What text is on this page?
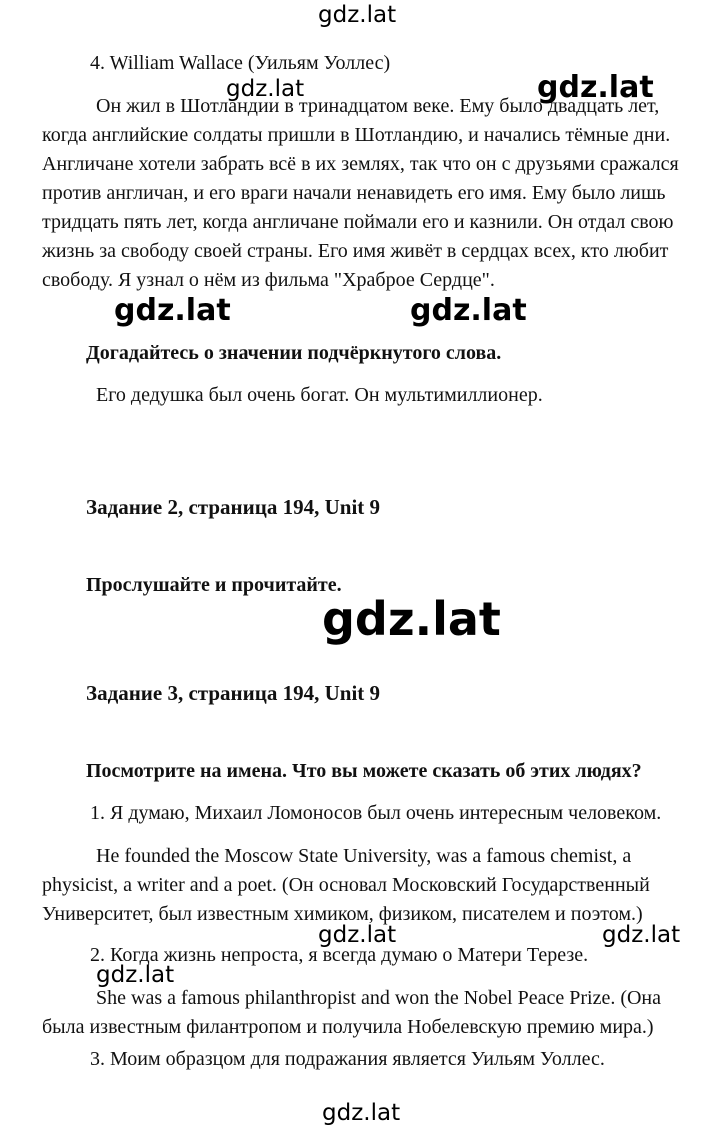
4. William Wallace (Уильям Уоллес)
Он жил в Шотландии в тринадцатом веке. Ему было двадцать лет, когда английские солдаты пришли в Шотландию, и начались тёмные дни. Англичане хотели забрать всё в их землях, так что он с друзьями сражался против англичан, и его враги начали ненавидеть его имя. Ему было лишь тридцать пять лет, когда англичане поймали его и казнили. Он отдал свою жизнь за свободу своей страны. Его имя живёт в сердцах всех, кто любит свободу. Я узнал о нём из фильма "Храброе Сердце".
Догадайтесь о значении подчёркнутого слова.
Его дедушка был очень богат. Он мультимиллионер.
Задание 2, страница 194, Unit 9
Прослушайте и прочитайте.
Задание 3, страница 194, Unit 9
Посмотрите на имена. Что вы можете сказать об этих людях?
1. Я думаю, Михаил Ломоносов был очень интересным человеком.
He founded the Moscow State University, was a famous chemist, a physicist, a writer and a poet. (Он основал Московский Государственный Университет, был известным химиком, физиком, писателем и поэтом.)
2. Когда жизнь непроста, я всегда думаю о Матери Терезе.
She was a famous philanthropist and won the Nobel Peace Prize. (Она была известным филантропом и получила Нобелевскую премию мира.)
3. Моим образцом для подражания является Уильям Уоллес.
gdz.lat
gdz.lat	gdz.lat
gdz.lat	gdz.lat
gdz.lat
gdz.lat	gdz.lat
gdz.lat
gdz.lat
